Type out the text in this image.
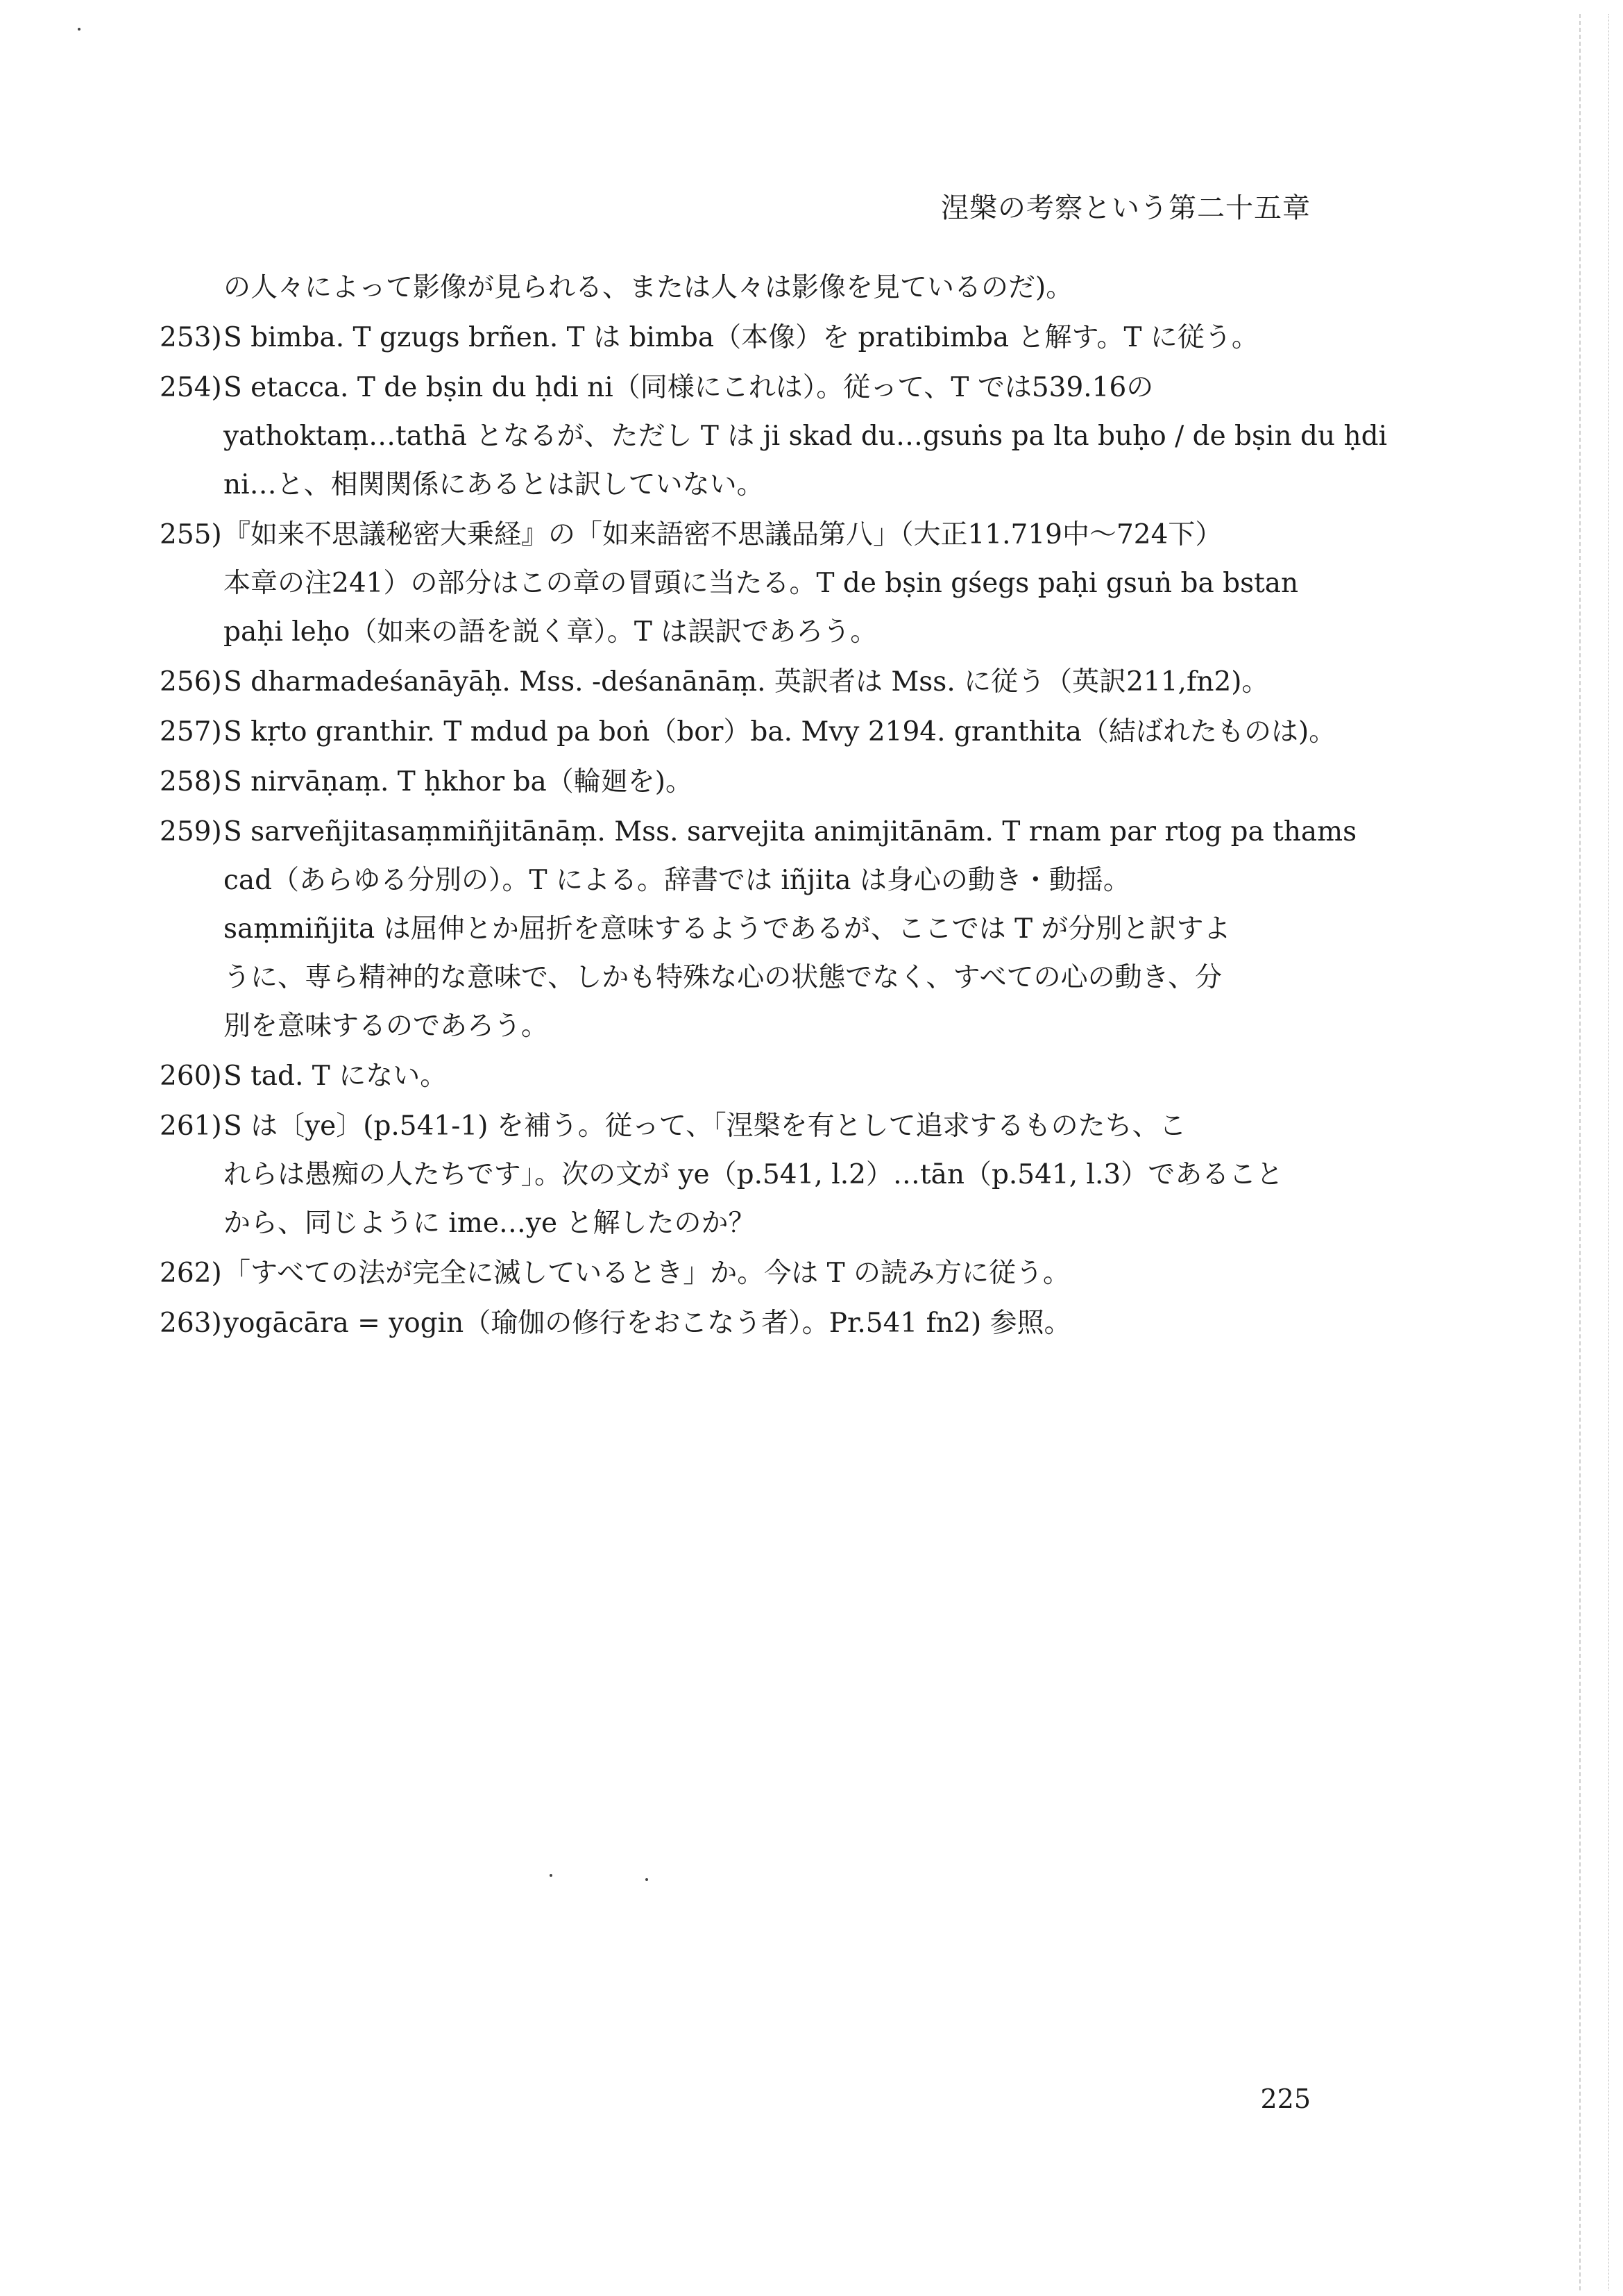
涅槃の考察という第二十五章
の人々によって影像が見られる、または人々は影像を見ているのだ)。
253) S bimba. T gzugs brñen. T は bimba（本像）を pratibimba と解す。T に従う。
254) S etacca. T de bṣin du ḥdi ni（同様にこれは）。従って、T では539.16の
yathoktaṃ…tathā となるが、ただし T は ji skad du…gsuṅs pa lta buḥo / de bṣin du ḥdi
ni…と、相関関係にあるとは訳していない。
255) 『如来不思議秘密大乗経』の「如来語密不思議品第八」（大正11.719中～724下）
本章の注241）の部分はこの章の冒頭に当たる。T de bṣin gśegs paḥi gsuṅ ba bstan
paḥi leḥo（如来の語を説く章）。T は誤訳であろう。
256) S dharmadeśanāyāḥ. Mss. -deśanānāṃ. 英訳者は Mss. に従う（英訳211,fn2)。
257) S kṛto granthir. T mdud pa boṅ（bor）ba. Mvy 2194. granthita（結ばれたものは)。
258) S nirvāṇaṃ. T ḥkhor ba（輪廻を)。
259) S sarveñjitasaṃmiñjitānāṃ. Mss. sarvejita animjitānām. T rnam par rtog pa thams
cad（あらゆる分別の）。T による。辞書では iñjita は身心の動き・動揺。
saṃmiñjita は屈伸とか屈折を意味するようであるが、ここでは T が分別と訳すよ
うに、専ら精神的な意味で、しかも特殊な心の状態でなく、すべての心の動き、分
別を意味するのであろう。
260) S tad. T にない。
261) S は〔ye〕(p.541-1) を補う。従って、「涅槃を有として追求するものたち、こ
れらは愚痴の人たちです」。次の文が ye（p.541, l.2）…tān（p.541, l.3）であること
から、同じように ime…ye と解したのか？
262) 「すべての法が完全に滅しているとき」か。今は T の読み方に従う。
263) yogācāra = yogin（瑜伽の修行をおこなう者）。Pr.541 fn2) 参照。
225
